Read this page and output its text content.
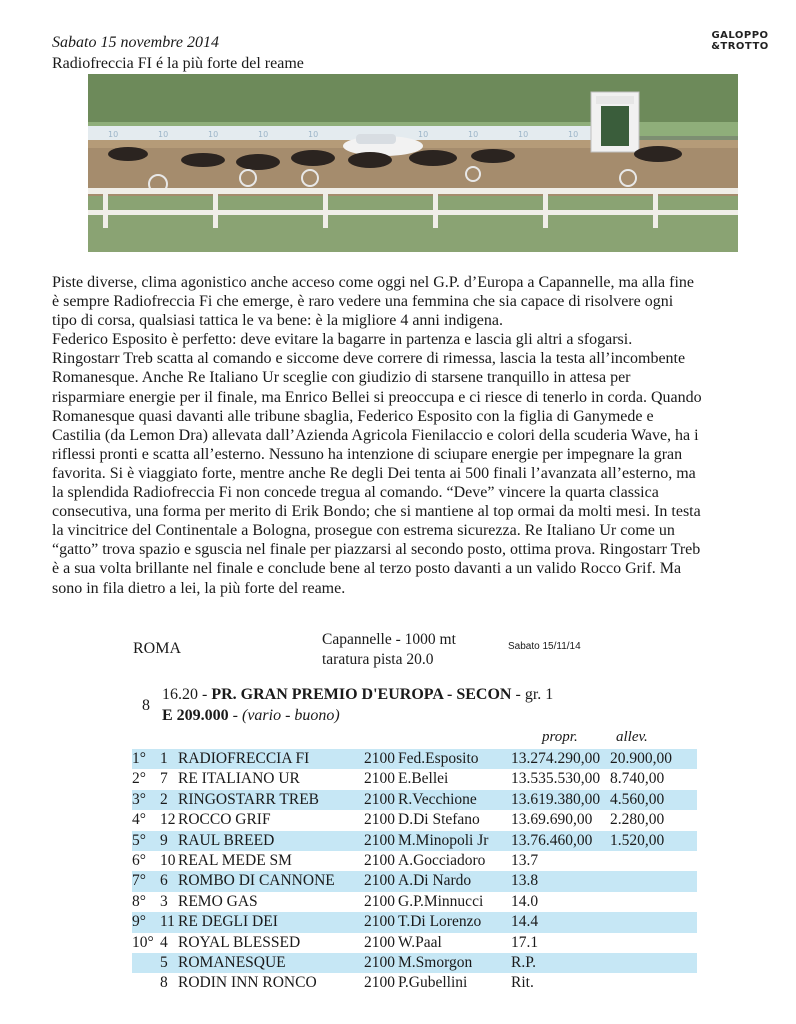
Sabato 15 novembre 2014	GALOPPO
&TROTTO
Radiofreccia FI é la più forte del reame
10	10	10	10	10	10	10	10	10

Piste diverse, clima agonistico anche acceso come oggi nel G.P. d’Europa a Capannelle, ma alla fine

è sempre Radiofreccia Fi che emerge, è raro vedere una femmina che sia capace di risolvere ogni

tipo di corsa, qualsiasi tattica le va bene: è la migliore 4 anni indigena.

Federico Esposito è perfetto: deve evitare la bagarre in partenza e lascia gli altri a sfogarsi.

Ringostarr Treb scatta al comando e siccome deve correre di rimessa, lascia la testa all’incombente

Romanesque. Anche Re Italiano Ur sceglie con giudizio di starsene tranquillo in attesa per

risparmiare energie per il finale, ma Enrico Bellei si preoccupa e ci riesce di tenerlo in corda. Quando

Romanesque quasi davanti alle tribune sbaglia, Federico Esposito con la figlia di Ganymede e

Castilia (da Lemon Dra) allevata dall’Azienda Agricola Fienilaccio e colori della scuderia Wave, ha i

riflessi pronti e scatta all’esterno. Nessuno ha intenzione di sciupare energie per impegnare la gran

favorita. Si è viaggiato forte, mentre anche Re degli Dei tenta ai 500 finali l’avanzata all’esterno, ma

la splendida Radiofreccia Fi non concede tregua al comando. “Deve” vincere la quarta classica

consecutiva, una forma per merito di Erik Bondo; che si mantiene al top ormai da molti mesi. In testa

la vincitrice del Continentale a Bologna, prosegue con estrema sicurezza. Re Italiano Ur come un

“gatto” trova spazio e sguscia nel finale per piazzarsi al secondo posto, ottima prova. Ringostarr Treb

è a sua volta brillante nel finale e conclude bene al terzo posto davanti a un valido Rocco Grif. Ma

sono in fila dietro a lei, la più forte del reame.

ROMA
Capannelle - 1000 mt
taratura pista 20.0
Sabato 15/11/14
8
16.20 - PR. GRAN PREMIO D'EUROPA - SECON - gr. 1
E 209.000 - (vario - buono)
propr.	allev.
1° 1 RADIOFRECCIA FI	2100 Fed.Esposito 13.274.290,00 20.900,00
2° 7 RE ITALIANO UR	2100 E.Bellei	13.535.530,00 8.740,00
3° 2 RINGOSTARR TREB	2100 R.Vecchione 13.619.380,00 4.560,00
4° 12 ROCCO GRIF	2100 D.Di Stefano 13.69.690,00 2.280,00
5° 9 RAUL BREED	2100 M.Minopoli Jr 13.76.460,00 1.520,00
6° 10 REAL MEDE SM	2100 A.Gocciadoro 13.7
7° 6 ROMBO DI CANNONE 2100 A.Di Nardo	13.8
8° 3 REMO GAS	2100 G.P.Minnucci 14.0
9° 11 RE DEGLI DEI	2100 T.Di Lorenzo 14.4
10° 4 ROYAL BLESSED	2100 W.Paal	17.1
5 ROMANESQUE	2100 M.Smorgon	R.P.
8 RODIN INN RONCO	2100 P.Gubellini	Rit.
